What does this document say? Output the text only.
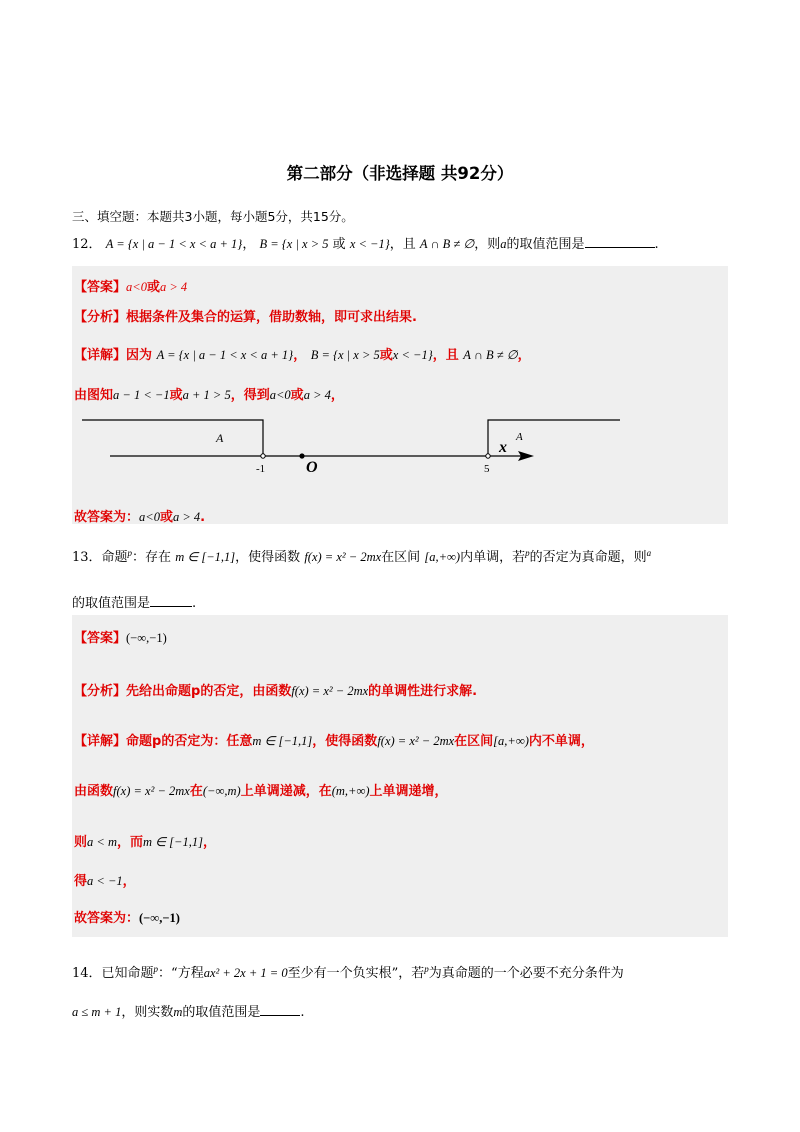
第二部分（非选择题 共92分）
三、填空题：本题共3小题，每小题5分，共15分。
12． A = {x | a − 1 < x < a + 1}， B = {x | x > 5 或 x < −1}，且 A ∩ B ≠ ∅，则a的取值范围是	.
【答案】a<0或a > 4
【分析】根据条件及集合的运算，借助数轴，即可求出结果.
【详解】因为 A = {x | a − 1 < x < a + 1}， B = {x | x > 5或x < −1}，且 A ∩ B ≠ ∅，
由图知a − 1 < −1或a + 1 > 5，得到a<0或a > 4，
A
x
A
-1	O	5
故答案为：a<0或a > 4.
13．命题$^p$：存在 m ∈ [−1,1]，使得函数 f(x) = x² − 2mx在区间 [a,+∞)内单调，若$^p$的否定为真命题，则$^a$
的取值范围是	.
【答案】(−∞,−1)
【分析】先给出命题p的否定，由函数f(x) = x² − 2mx的单调性进行求解.
【详解】命题p的否定为：任意m ∈ [−1,1]，使得函数f(x) = x² − 2mx在区间[a,+∞)内不单调，
由函数f(x) = x² − 2mx在(−∞,m)上单调递减，在(m,+∞)上单调递增，
则a < m，而m ∈ [−1,1]，
得a < −1，
故答案为：(−∞,−1)
14．已知命题$^p$：“方程ax² + 2x + 1 = 0至少有一个负实根”，若$^p$为真命题的一个必要不充分条件为
a ≤ m + 1，则实数m的取值范围是	.
